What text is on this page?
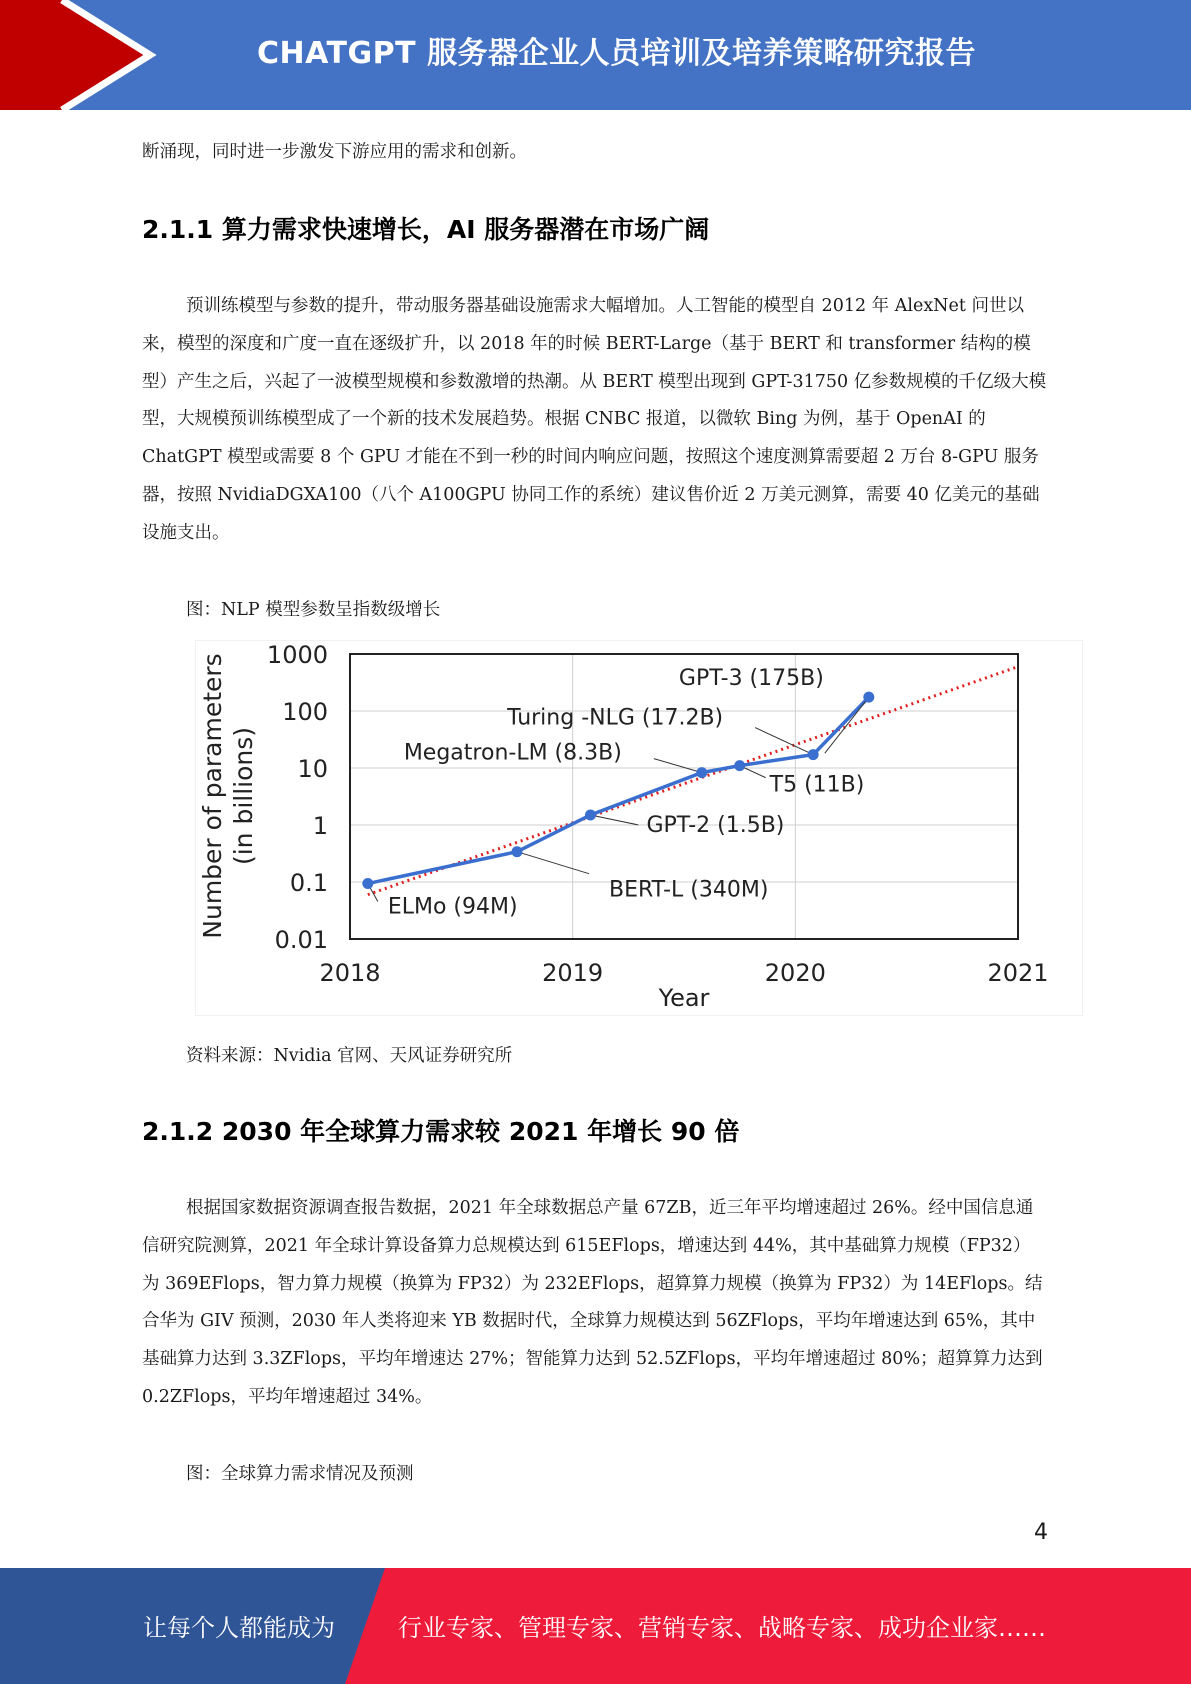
CHATGPT 服务器企业人员培训及培养策略研究报告
断涌现，同时进一步激发下游应用的需求和创新。
2.1.1 算力需求快速增长，AI 服务器潜在市场广阔
预训练模型与参数的提升，带动服务器基础设施需求大幅增加。人工智能的模型自 2012 年 AlexNet 问世以来，模型的深度和广度一直在逐级扩升，以 2018 年的时候 BERT-Large（基于 BERT 和 transformer 结构的模型）产生之后，兴起了一波模型规模和参数激增的热潮。从 BERT 模型出现到 GPT-31750 亿参数规模的千亿级大模型，大规模预训练模型成了一个新的技术发展趋势。根据 CNBC 报道，以微软 Bing 为例，基于 OpenAI 的 ChatGPT 模型或需要 8 个 GPU 才能在不到一秒的时间内响应问题，按照这个速度测算需要超 2 万台 8-GPU 服务器，按照 NvidiaDGXA100（八个 A100GPU 协同工作的系统）建议售价近 2 万美元测算，需要 40 亿美元的基础设施支出。
图：NLP 模型参数呈指数级增长
1000
100
10
1
0.1
0.01
2018	2019	2020	2021
Number of parameters (in billions)
Year
ELMo (94M)
BERT-L (340M)
GPT-2 (1.5B)
Megatron-LM (8.3B)
T5 (11B)
Turing -NLG (17.2B)
GPT-3 (175B)
资料来源：Nvidia 官网、天风证券研究所
2.1.2 2030 年全球算力需求较 2021 年增长 90 倍
根据国家数据资源调查报告数据，2021 年全球数据总产量 67ZB，近三年平均增速超过 26%。经中国信息通信研究院测算，2021 年全球计算设备算力总规模达到 615EFlops，增速达到 44%，其中基础算力规模（FP32）为 369EFlops，智力算力规模（换算为 FP32）为 232EFlops，超算算力规模（换算为 FP32）为 14EFlops。结合华为 GIV 预测，2030 年人类将迎来 YB 数据时代，全球算力规模达到 56ZFlops，平均年增速达到 65%，其中基础算力达到 3.3ZFlops，平均年增速达 27%；智能算力达到 52.5ZFlops，平均年增速超过 80%；超算算力达到 0.2ZFlops，平均年增速超过 34%。
图：全球算力需求情况及预测
4
让每个人都能成为	行业专家、管理专家、营销专家、战略专家、成功企业家……
